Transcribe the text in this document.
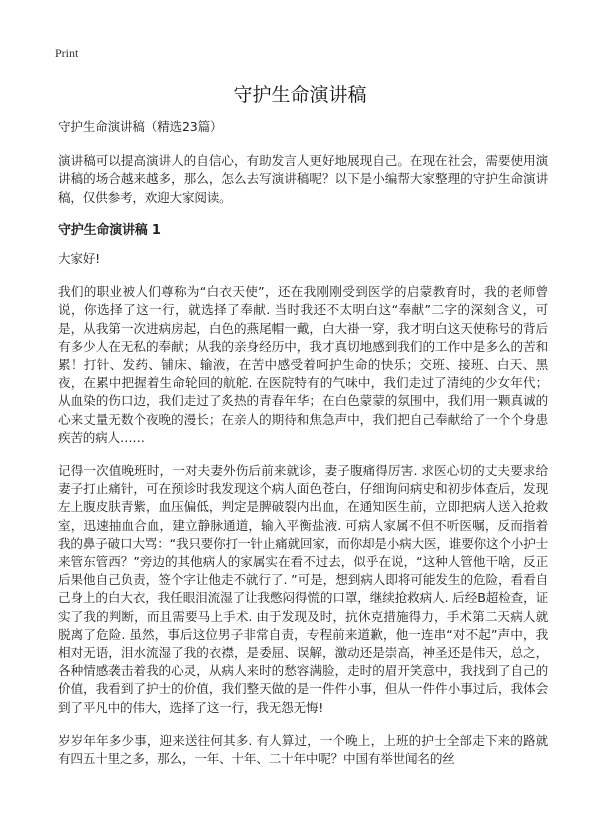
Print
守护生命演讲稿

守护生命演讲稿（精选23篇）

演讲稿可以提高演讲人的自信心，有助发言人更好地展现自己。在现在社会，需要使用演讲稿的场合越来越多，那么，怎么去写演讲稿呢？以下是小编帮大家整理的守护生命演讲稿，仅供参考，欢迎大家阅读。

守护生命演讲稿 1

大家好!

我们的职业被人们尊称为“白衣天使”，还在我刚刚受到医学的启蒙教育时，我的老师曾说，你选择了这一行，就选择了奉献. 当时我还不太明白这“奉献”二字的深刻含义，可是，从我第一次进病房起，白色的燕尾帽一戴，白大褂一穿，我才明白这天使称号的背后有多少人在无私的奉献；从我的亲身经历中，我才真切地感到我们的工作中是多么的苦和累！打针、发药、铺床、输液，在苦中感受着呵护生命的快乐；交班、接班、白天、黑夜，在累中把握着生命轮回的航舵. 在医院特有的气味中，我们走过了清纯的少女年代；从血染的伤口边，我们走过了炙热的青春年华；在白色蒙蒙的氛围中，我们用一颗真诚的心来丈量无数个夜晚的漫长；在亲人的期待和焦急声中，我们把自己奉献给了一个个身患疾苦的病人……

记得一次值晚班时，一对夫妻外伤后前来就诊，妻子腹痛得厉害. 求医心切的丈夫要求给妻子打止痛针，可在预诊时我发现这个病人面色苍白，仔细询问病史和初步体查后，发现左上腹皮肤青紫，血压偏低，判定是脾破裂内出血，在通知医生前，立即把病人送入抢救室，迅速抽血合血，建立静脉通道，输入平衡盐液. 可病人家属不但不听医嘱，反而指着我的鼻子破口大骂：“我只要你打一针止痛就回家，而你却是小病大医，谁要你这个小护士来管东管西？”旁边的其他病人的家属实在看不过去，似乎在说，“这种人管他干啥，反正后果他自己负责，签个字让他走不就行了. ”可是，想到病人即将可能发生的危险，看看自己身上的白大衣，我任眼泪流湿了让我憋闷得慌的口罩，继续抢救病人. 后经B超检查，证实了我的判断，而且需要马上手术. 由于发现及时，抗休克措施得力，手术第二天病人就脱离了危险. 虽然，事后这位男子非常自责，专程前来道歉，他一连串“对不起”声中，我相对无语，泪水流湿了我的衣襟，是委屈、误解，激动还是崇高，神圣还是伟天，总之，各种情感袭击着我的心灵，从病人来时的愁容满脸，走时的眉开笑意中，我找到了自己的价值，我看到了护士的价值，我们整天做的是一件件小事，但从一件件小事过后，我体会到了平凡中的伟大，选择了这一行，我无怨无悔!

岁岁年年多少事，迎来送往何其多. 有人算过，一个晚上，上班的护士全部走下来的路就有四五十里之多，那么，一年、十年、二十年中呢？中国有举世闻名的丝
